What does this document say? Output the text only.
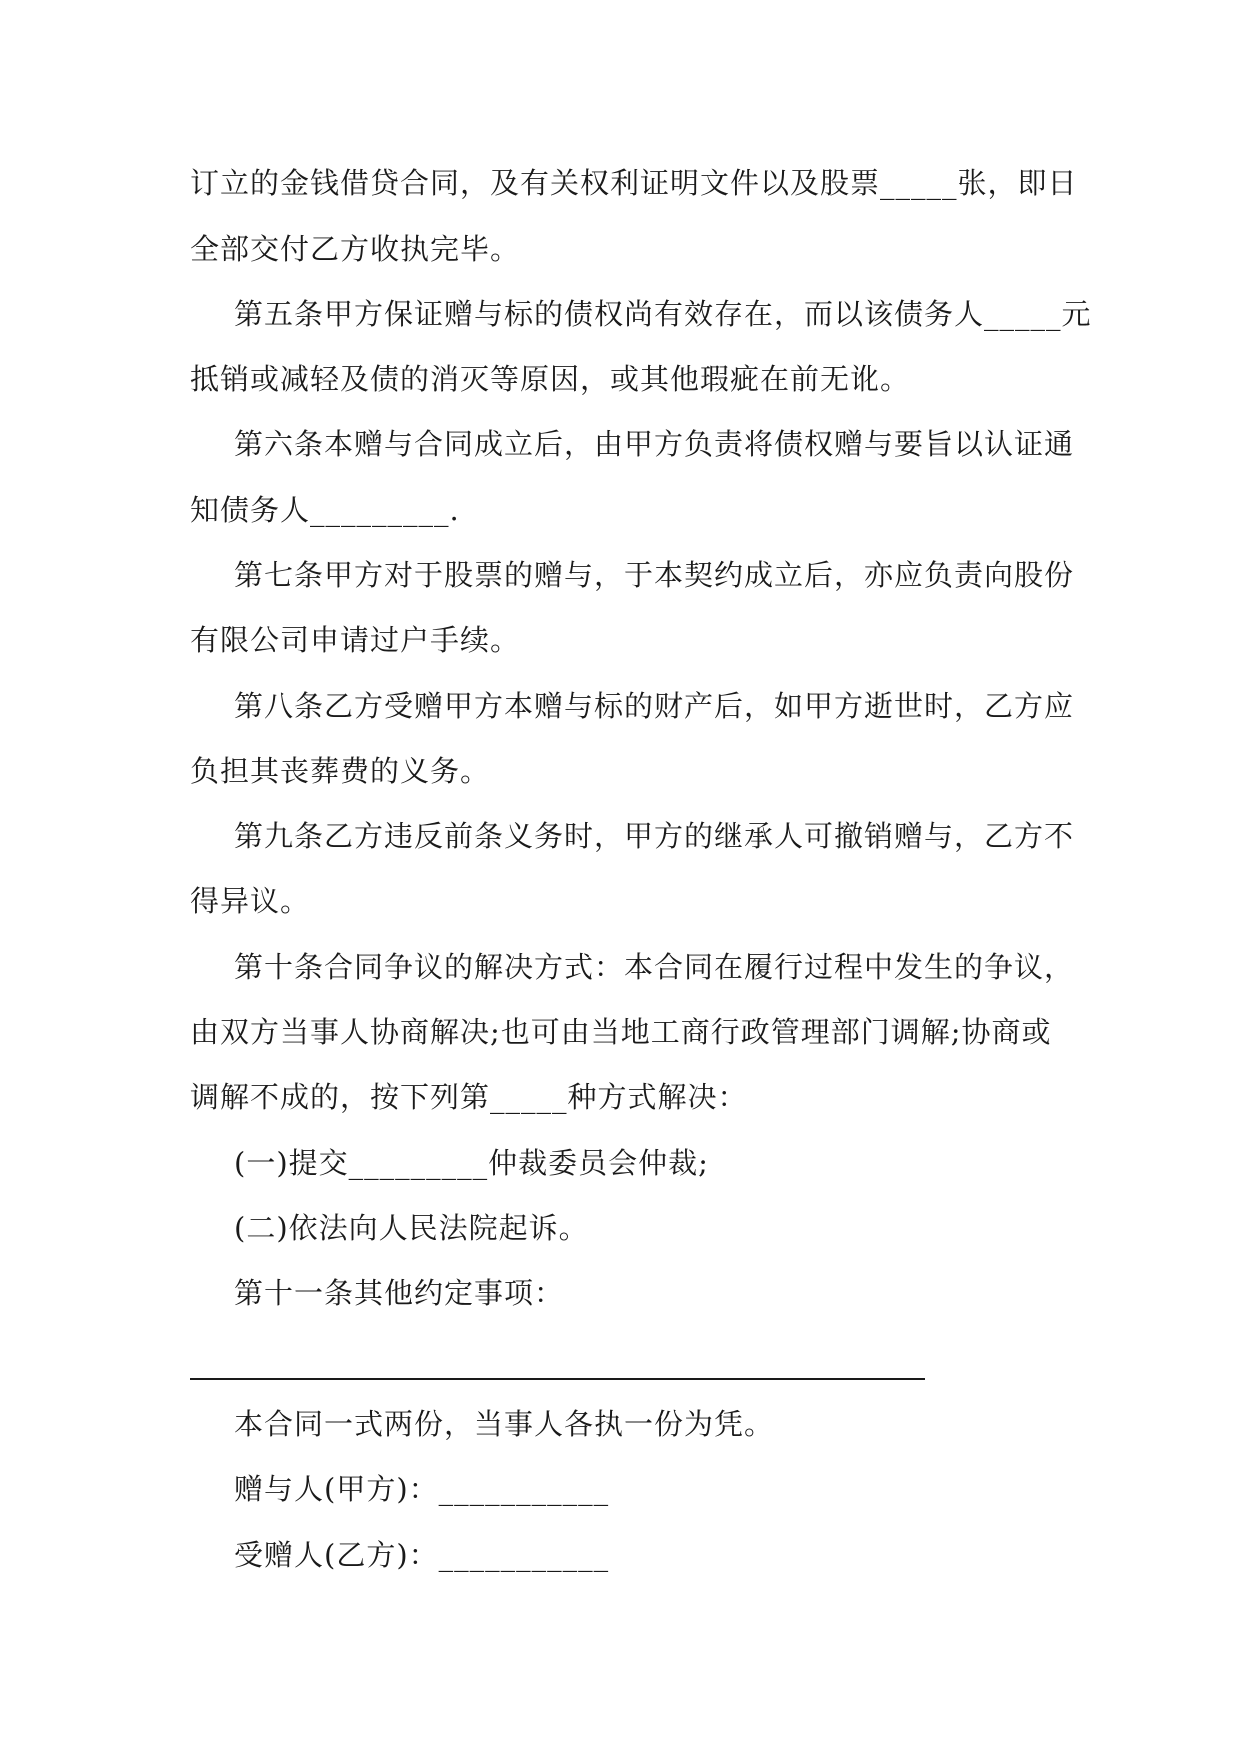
订立的金钱借贷合同，及有关权利证明文件以及股票_____张，即日
全部交付乙方收执完毕。
第五条甲方保证赠与标的债权尚有效存在，而以该债务人_____元
抵销或减轻及债的消灭等原因，或其他瑕疵在前无讹。
第六条本赠与合同成立后，由甲方负责将债权赠与要旨以认证通
知债务人_________.
第七条甲方对于股票的赠与，于本契约成立后，亦应负责向股份
有限公司申请过户手续。
第八条乙方受赠甲方本赠与标的财产后，如甲方逝世时，乙方应
负担其丧葬费的义务。
第九条乙方违反前条义务时，甲方的继承人可撤销赠与，乙方不
得异议。
第十条合同争议的解决方式：本合同在履行过程中发生的争议，
由双方当事人协商解决;也可由当地工商行政管理部门调解;协商或
调解不成的，按下列第_____种方式解决：
(一)提交_________仲裁委员会仲裁;
(二)依法向人民法院起诉。
第十一条其他约定事项：
本合同一式两份，当事人各执一份为凭。
赠与人(甲方)：___________
受赠人(乙方)：___________
